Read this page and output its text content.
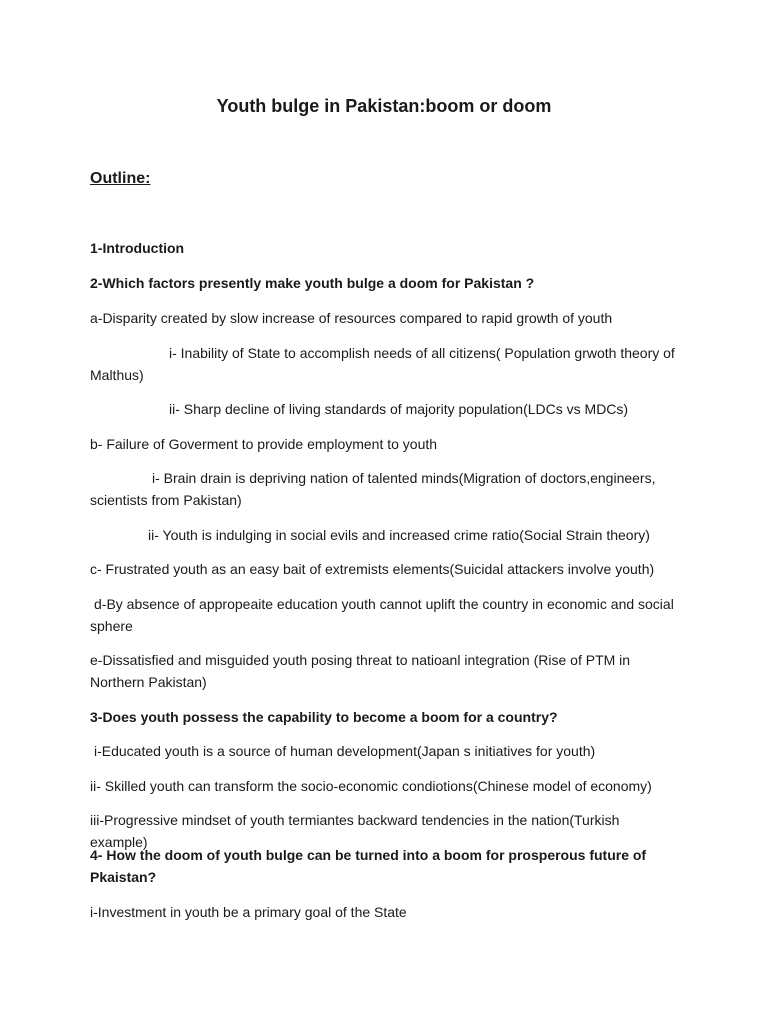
Youth bulge in Pakistan:boom or doom
Outline:
1-Introduction
2-Which factors presently make youth bulge a doom for Pakistan ?
a-Disparity created by slow increase of resources compared to rapid growth of youth
i- Inability of State to accomplish needs of all citizens( Population grwoth theory of Malthus)
ii- Sharp decline of living standards of majority population(LDCs vs MDCs)
b- Failure of Goverment to provide employment to youth
i- Brain drain is depriving nation of talented minds(Migration of doctors,engineers, scientists from Pakistan)
ii- Youth is indulging in social evils and increased crime ratio(Social Strain theory)
c- Frustrated youth as an easy bait of extremists elements(Suicidal attackers involve youth)
d-By absence of appropeaite education youth cannot uplift the country in economic and social sphere
e-Dissatisfied and misguided youth posing threat to natioanl integration (Rise of PTM in Northern Pakistan)
3-Does youth possess the capability to become a boom for a country?
i-Educated youth is a source of human development(Japan s initiatives for youth)
ii- Skilled youth can transform the socio-economic condiotions(Chinese model of economy)
iii-Progressive mindset of youth termiantes backward tendencies in the nation(Turkish example)
4- How the doom of youth bulge can be turned into a boom for prosperous future of Pkaistan?
i-Investment in youth be a primary goal of the State
